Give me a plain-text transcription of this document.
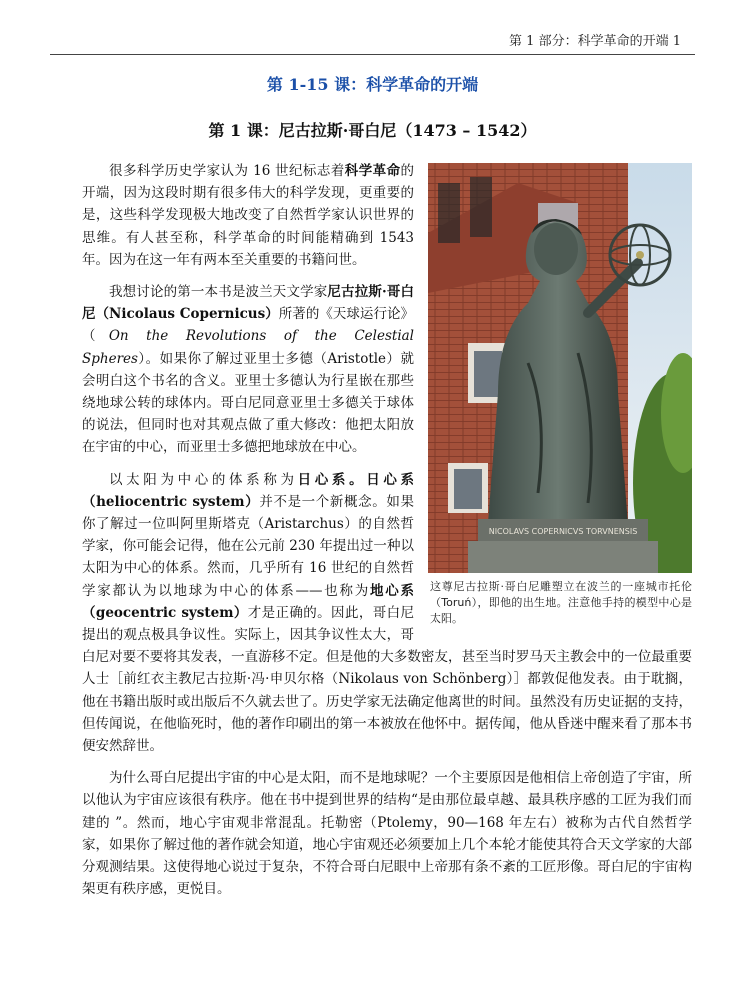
第 1 部分：科学革命的开端 1
第 1-15 课：科学革命的开端
第 1 课：尼古拉斯·哥白尼（1473 – 1542）
NICOLAVS COPERNICVS TORVNENSIS
这尊尼古拉斯·哥白尼雕塑立在波兰的一座城市托伦（Toruń），即他的出生地。注意他手持的模型中心是太阳。

很多科学历史学家认为 16 世纪标志着科学革命的开端，因为这段时期有很多伟大的科学发现，更重要的是，这些科学发现极大地改变了自然哲学家认识世界的思维。有人甚至称，科学革命的时间能精确到 1543 年。因为在这一年有两本至关重要的书籍问世。

我想讨论的第一本书是波兰天文学家尼古拉斯·哥白尼（Nicolaus Copernicus）所著的《天球运行论》（On the Revolutions of the Celestial Spheres）。如果你了解过亚里士多德（Aristotle）就会明白这个书名的含义。亚里士多德认为行星嵌在那些绕地球公转的球体内。哥白尼同意亚里士多德关于球体的说法，但同时也对其观点做了重大修改：他把太阳放在宇宙的中心，而亚里士多德把地球放在中心。

以太阳为中心的体系称为日心系。日心系（heliocentric system）并不是一个新概念。如果你了解过一位叫阿里斯塔克（Aristarchus）的自然哲学家，你可能会记得，他在公元前 230 年提出过一种以太阳为中心的体系。然而，几乎所有 16 世纪的自然哲学家都认为以地球为中心的体系——也称为地心系（geocentric system）才是正确的。因此，哥白尼提出的观点极具争议性。实际上，因其争议性太大，哥白尼对要不要将其发表，一直游移不定。但是他的大多数密友，甚至当时罗马天主教会中的一位最重要人士［前红衣主教尼古拉斯·冯·申贝尔格（Nikolaus von Schönberg）］都敦促他发表。由于耽搁，他在书籍出版时或出版后不久就去世了。历史学家无法确定他离世的时间。虽然没有历史证据的支持，但传闻说，在他临死时，他的著作印刷出的第一本被放在他怀中。据传闻，他从昏迷中醒来看了那本书便安然辞世。

为什么哥白尼提出宇宙的中心是太阳，而不是地球呢？一个主要原因是他相信上帝创造了宇宙，所以他认为宇宙应该很有秩序。他在书中提到世界的结构“是由那位最卓越、最具秩序感的工匠为我们而建的 ”。然而，地心宇宙观非常混乱。托勒密（Ptolemy，90—168 年左右）被称为古代自然哲学家，如果你了解过他的著作就会知道，地心宇宙观还必须要加上几个本轮才能使其符合天文学家的大部分观测结果。这使得地心说过于复杂，不符合哥白尼眼中上帝那有条不紊的工匠形像。哥白尼的宇宙构架更有秩序感，更悦目。
